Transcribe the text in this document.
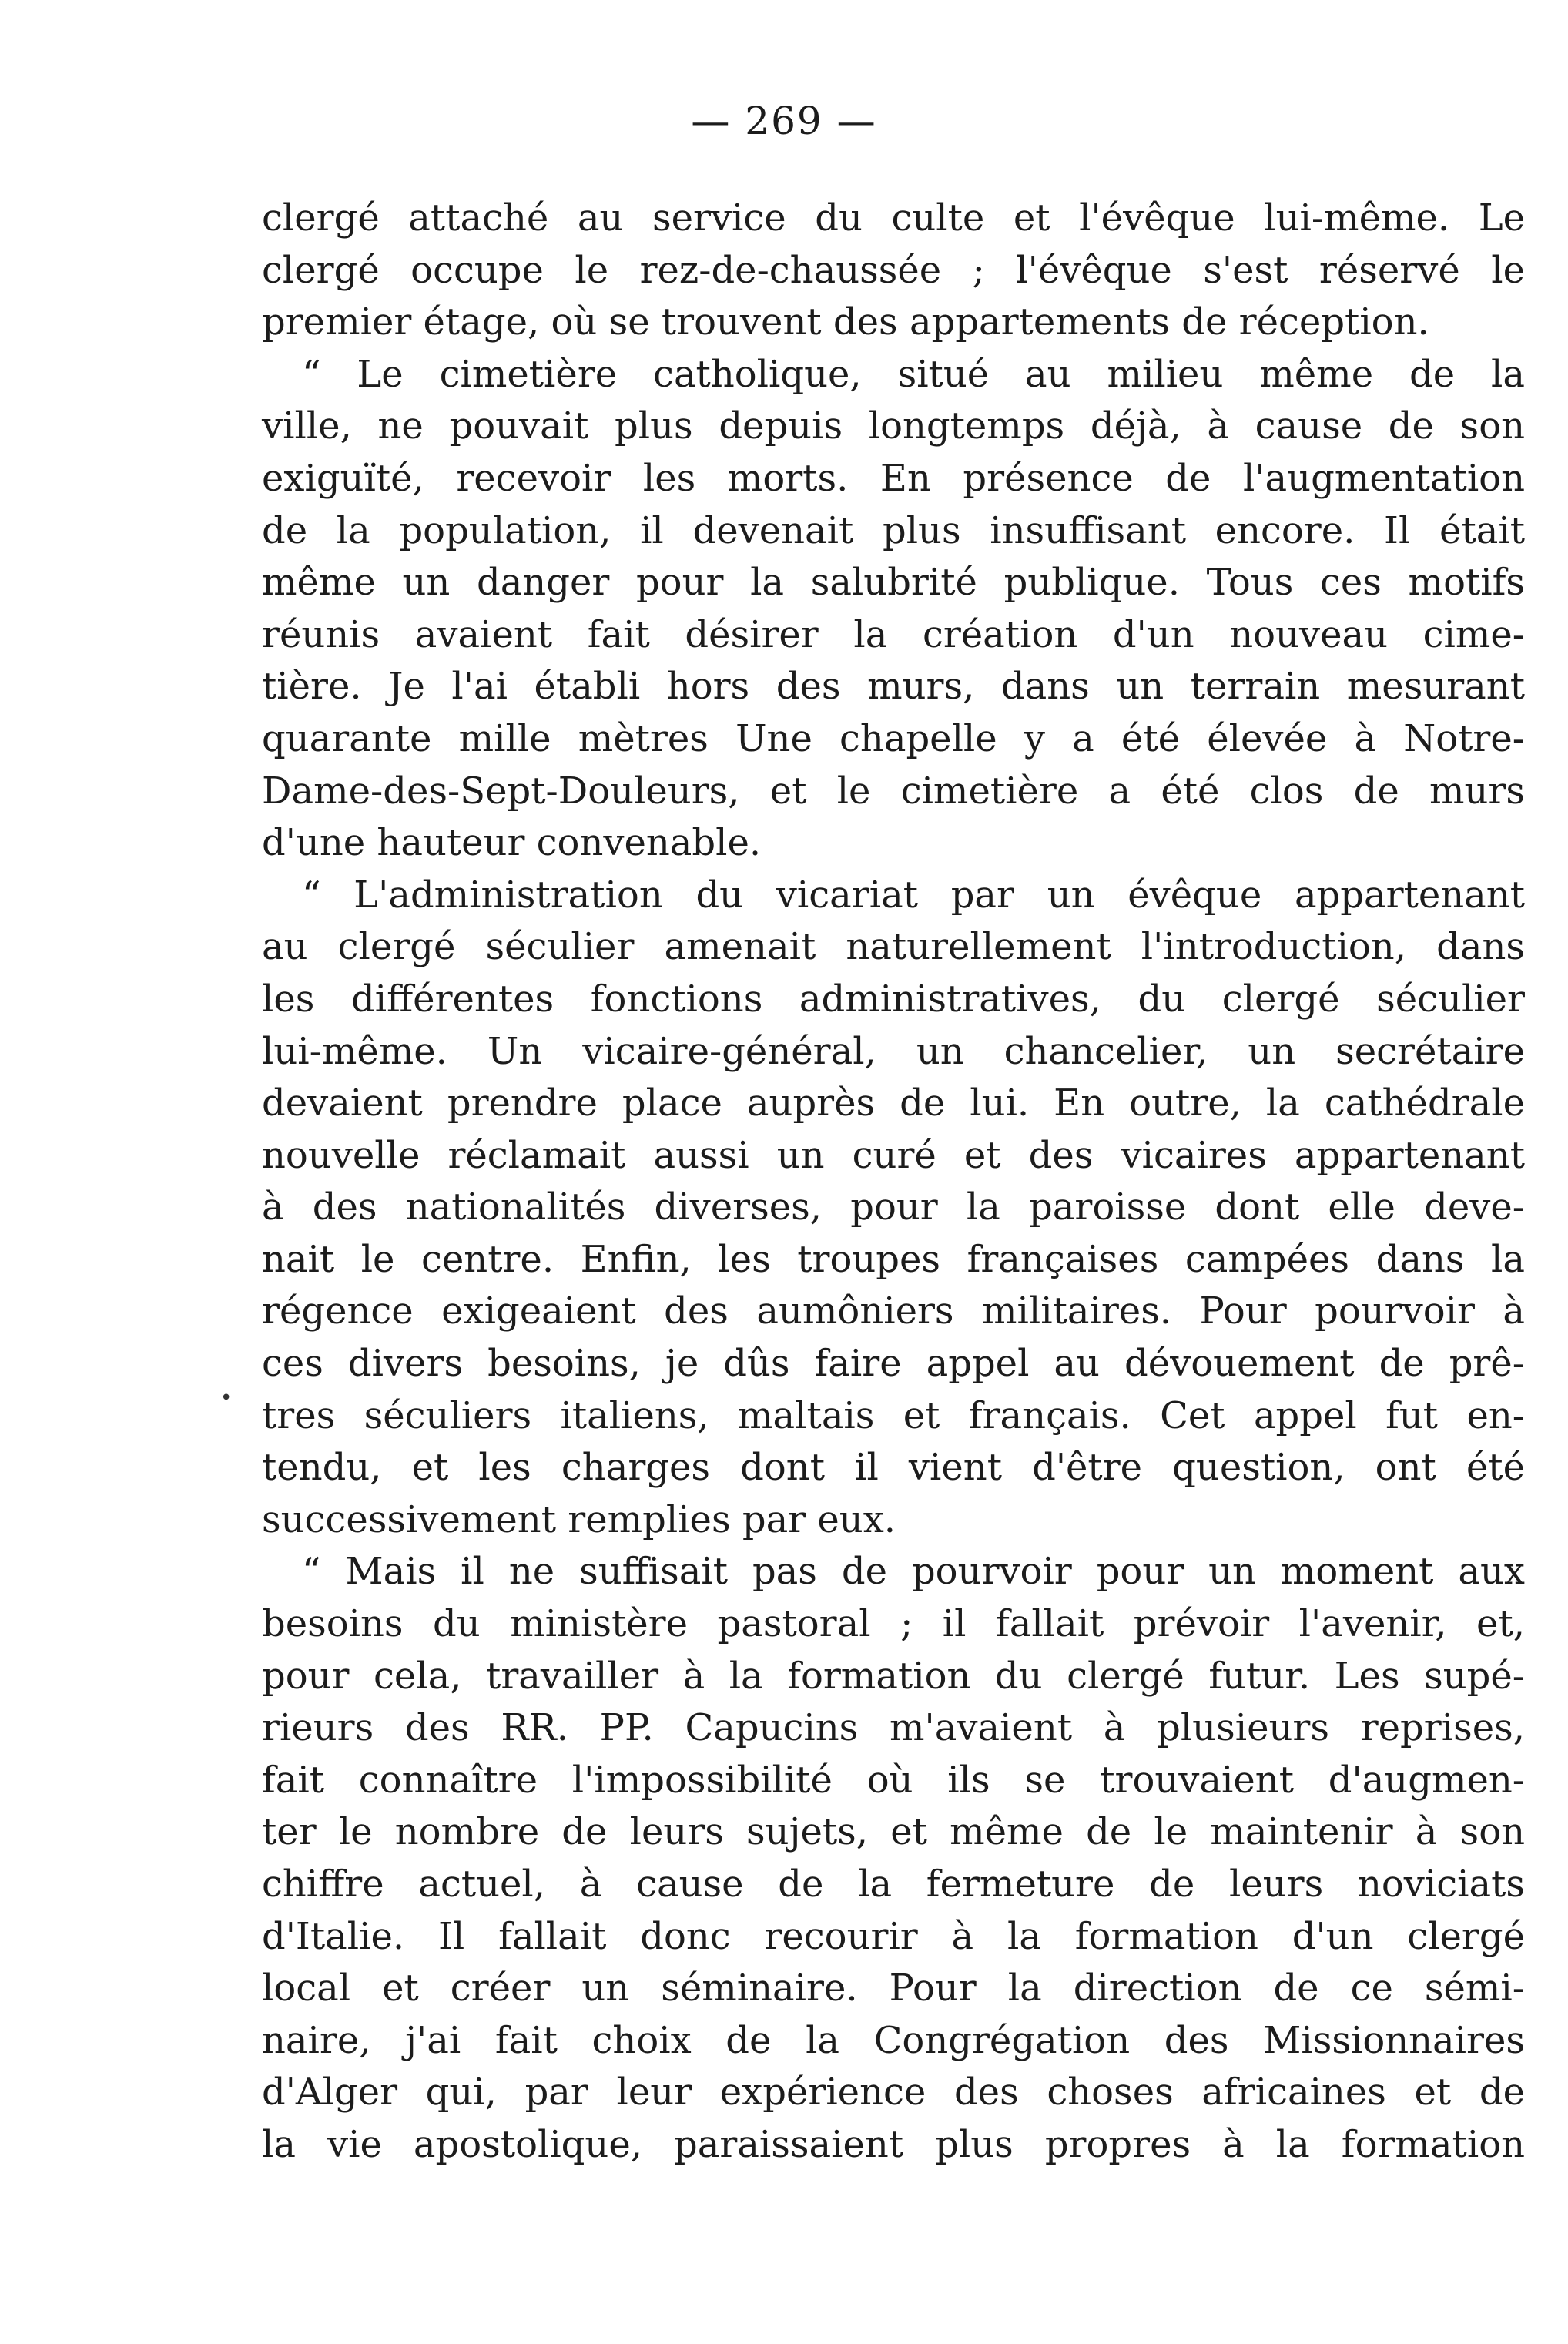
— 269 —
•
clergé attaché au service du culte et l'évêque lui-même. Le
clergé occupe le rez-de-chaussée ; l'évêque s'est réservé le
premier étage, où se trouvent des appartements de réception.
“ Le cimetière catholique, situé au milieu même de la
ville, ne pouvait plus depuis longtemps déjà, à cause de son
exiguïté, recevoir les morts. En présence de l'augmentation
de la population, il devenait plus insuffisant encore. Il était
même un danger pour la salubrité publique. Tous ces motifs
réunis avaient fait désirer la création d'un nouveau cime-
tière. Je l'ai établi hors des murs, dans un terrain mesurant
quarante mille mètres Une chapelle y a été élevée à Notre-
Dame-des-Sept-Douleurs, et le cimetière a été clos de murs
d'une hauteur convenable.
“ L'administration du vicariat par un évêque appartenant
au clergé séculier amenait naturellement l'introduction, dans
les différentes fonctions administratives, du clergé séculier
lui-même. Un vicaire-général, un chancelier, un secrétaire
devaient prendre place auprès de lui. En outre, la cathédrale
nouvelle réclamait aussi un curé et des vicaires appartenant
à des nationalités diverses, pour la paroisse dont elle deve-
nait le centre. Enfin, les troupes françaises campées dans la
régence exigeaient des aumôniers militaires. Pour pourvoir à
ces divers besoins, je dûs faire appel au dévouement de prê-
tres séculiers italiens, maltais et français. Cet appel fut en-
tendu, et les charges dont il vient d'être question, ont été
successivement remplies par eux.
“ Mais il ne suffisait pas de pourvoir pour un moment aux
besoins du ministère pastoral ; il fallait prévoir l'avenir, et,
pour cela, travailler à la formation du clergé futur. Les supé-
rieurs des RR. PP. Capucins m'avaient à plusieurs reprises,
fait connaître l'impossibilité où ils se trouvaient d'augmen-
ter le nombre de leurs sujets, et même de le maintenir à son
chiffre actuel, à cause de la fermeture de leurs noviciats
d'Italie. Il fallait donc recourir à la formation d'un clergé
local et créer un séminaire. Pour la direction de ce sémi-
naire, j'ai fait choix de la Congrégation des Missionnaires
d'Alger qui, par leur expérience des choses africaines et de
la vie apostolique, paraissaient plus propres à la formation
